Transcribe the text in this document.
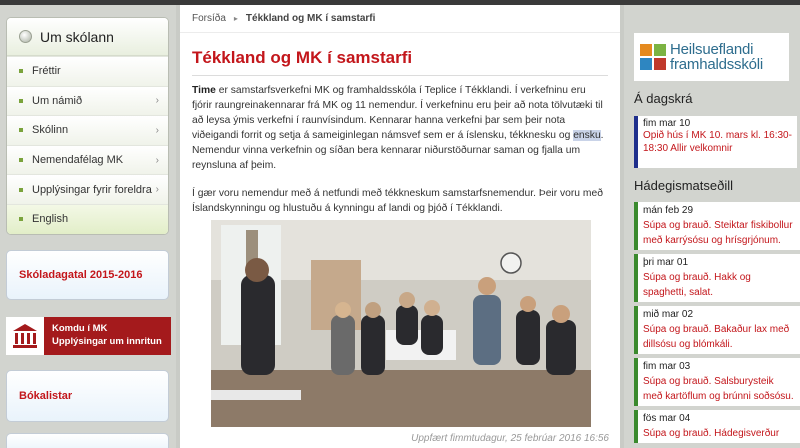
Um skólann
Fréttir
Um námið	›
Skólinn	›
Nemendafélag MK	›
Upplýsingar fyrir foreldra ›
English
Skóladagatal 2015-2016
Komdu í MK
Upplýsingar um innritun
Bókalistar
Forsíða ▸ Tékkland og MK í samstarfi
Tékkland og MK í samstarfi

Time er samstarfsverkefni MK og framhaldsskóla í Teplice í Tékklandi. Í verkefninu eru fjórir raungreinakennarar frá MK og 11 nemendur. Í verkefninu eru þeir að nota tölvutæki til að leysa ýmis verkefni í raunvísindum. Kennarar hanna verkefni þar sem þeir nota viðeigandi forrit og setja á sameiginlegan námsvef sem er á íslensku, tékknesku og ensku. Nemendur vinna verkefnin og síðan bera kennarar niðurstöðurnar saman og fjalla um reynsluna af þeim.

Í gær voru nemendur með á netfundi með tékkneskum samstarfsnemendur. Þeir voru með Íslandskynningu og hlustuðu á kynningu af landi og þjóð í Tékklandi.

Uppfært fimmtudagur, 25 febrúar 2016 16:56
Heilsueflandi
framhaldsskóli
Á dagskrá
fim mar 10
Opið hús í MK 10. mars kl. 16:30-18:30 Allir velkomnir
Hádegismatseðill
mán feb 29
Súpa og brauð. Steiktar fiskibollur með karrýsósu og hrísgrjónum.
þri mar 01
Súpa og brauð. Hakk og spaghetti, salat.
mið mar 02
Súpa og brauð. Bakaður lax með dillsósu og blómkáli.
fim mar 03
Súpa og brauð. Salsburysteik með kartöflum og brúnni soðsósu.
fös mar 04
Súpa og brauð. Hádegisverður
